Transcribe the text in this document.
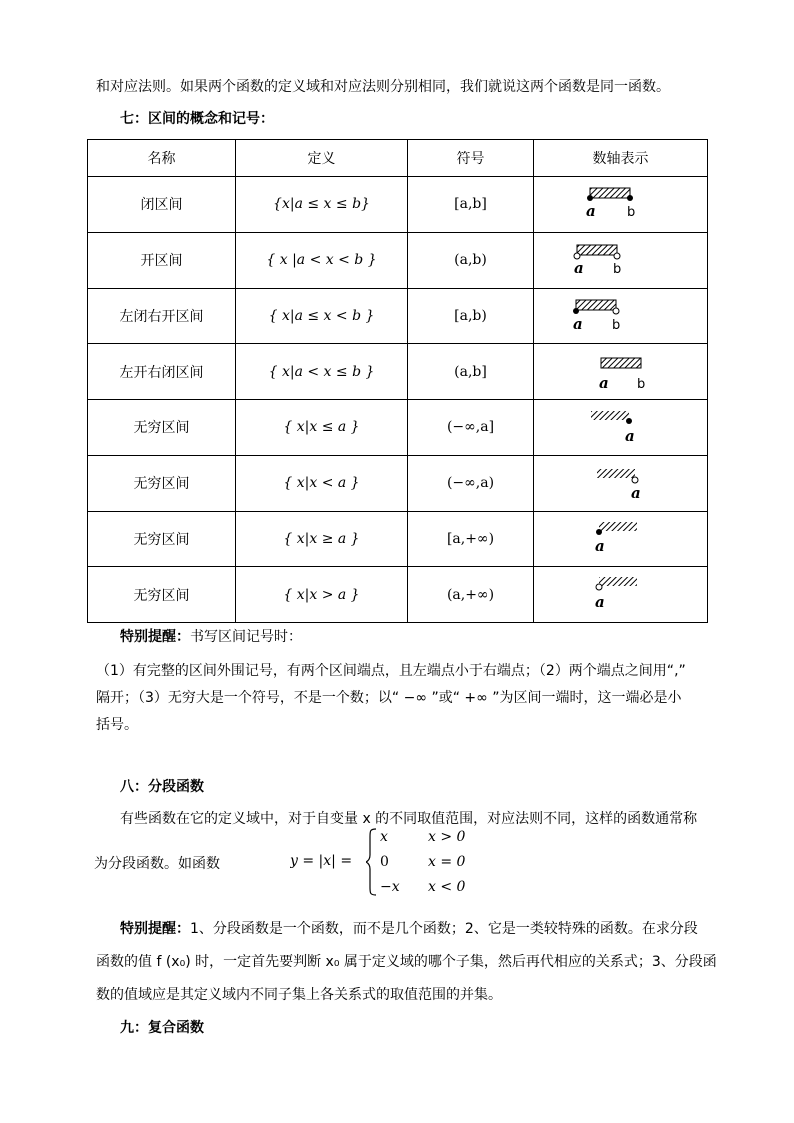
和对应法则。如果两个函数的定义域和对应法则分别相同，我们就说这两个函数是同一函数。
七：区间的概念和记号：
名称	定义	符号	数轴表示
闭区间	{x|a ≤ x ≤ b}	[a,b]	a b

开区间	{ x |a < x < b }	(a,b)	a b

左闭右开区间	{ x|a ≤ x < b }	[a,b)	a b

左开右闭区间	{ x|a < x ≤ b }	(a,b]	a b

无穷区间	{ x|x ≤ a }	(−∞,a]	a

无穷区间	{ x|x < a }	(−∞,a)	a

无穷区间	{ x|x ≥ a }	[a,+∞)	a

无穷区间	{ x|x > a }	(a,+∞)	a
特别提醒：书写区间记号时：
（1）有完整的区间外围记号，有两个区间端点，且左端点小于右端点；（2）两个端点之间用“,”
隔开；（3）无穷大是一个符号，不是一个数；以“ −∞ ”或“ +∞ ”为区间一端时，这一端必是小
括号。
八：分段函数
有些函数在它的定义域中，对于自变量 x 的不同取值范围，对应法则不同，这样的函数通常称
为分段函数。如函数	y = |x| =
x	x > 0
0	x = 0
−x x < 0
特别提醒：1、分段函数是一个函数，而不是几个函数；2、它是一类较特殊的函数。在求分段
函数的值 f (x₀) 时，一定首先要判断 x₀ 属于定义域的哪个子集，然后再代相应的关系式；3、分段函
数的值域应是其定义域内不同子集上各关系式的取值范围的并集。
九：复合函数
